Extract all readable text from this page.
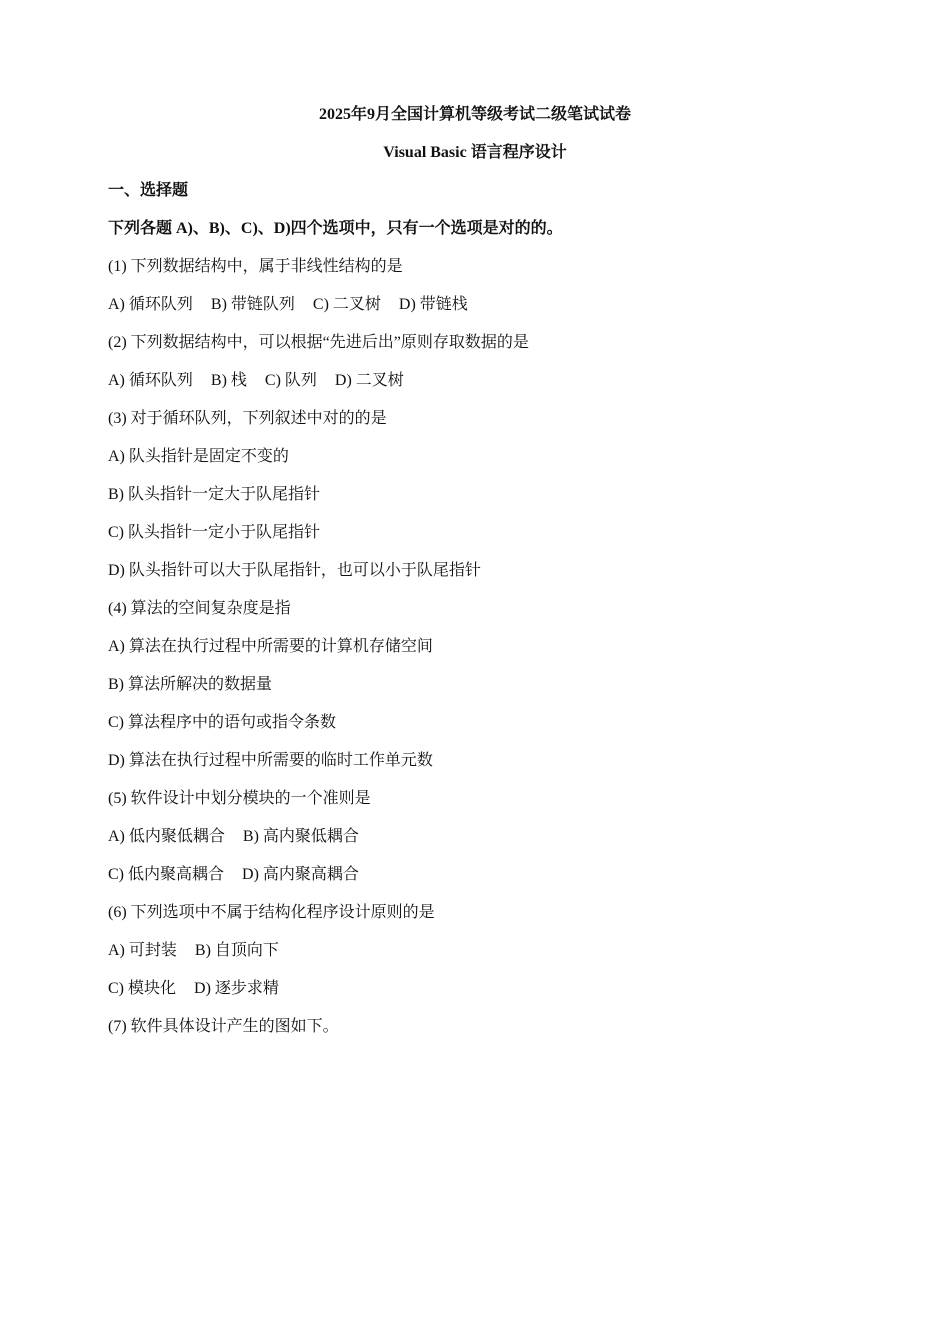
2025年9月全国计算机等级考试二级笔试试卷
Visual Basic 语言程序设计
一、选择题
下列各题 A)、B)、C)、D)四个选项中，只有一个选项是对的的。
(1) 下列数据结构中，属于非线性结构的是
A) 循环队列 B) 带链队列 C) 二叉树 D) 带链栈
(2) 下列数据结构中，可以根据“先进后出”原则存取数据的是
A) 循环队列 B) 栈 C) 队列 D) 二叉树
(3) 对于循环队列，下列叙述中对的的是
A) 队头指针是固定不变的
B) 队头指针一定大于队尾指针
C) 队头指针一定小于队尾指针
D) 队头指针可以大于队尾指针，也可以小于队尾指针
(4) 算法的空间复杂度是指
A) 算法在执行过程中所需要的计算机存储空间
B) 算法所解决的数据量
C) 算法程序中的语句或指令条数
D) 算法在执行过程中所需要的临时工作单元数
(5) 软件设计中划分模块的一个准则是
A) 低内聚低耦合 B) 高内聚低耦合
C) 低内聚高耦合 D) 高内聚高耦合
(6) 下列选项中不属于结构化程序设计原则的是
A) 可封装 B) 自顶向下
C) 模块化 D) 逐步求精
(7) 软件具体设计产生的图如下。
